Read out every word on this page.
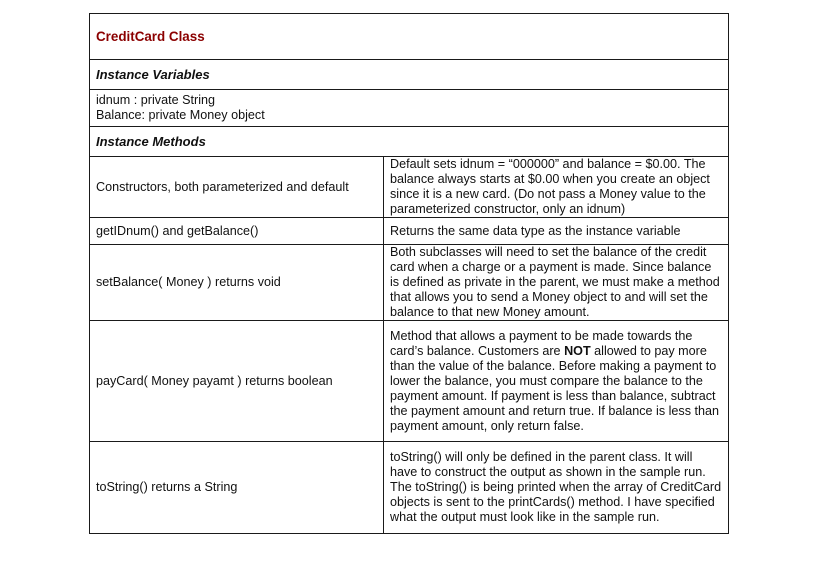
CreditCard Class	
Instance Variables	

idnum : private String
Balance: private Money object	

Instance Methods	
Constructors, both parameterized and default	Default sets idnum = “000000” and balance = $0.00. The balance always starts at $0.00 when you create an object since it is a new card. (Do not pass a Money value to the parameterized constructor, only an idnum)
getIDnum() and getBalance()	Returns the same data type as the instance variable
setBalance( Money ) returns void	Both subclasses will need to set the balance of the credit card when a charge or a payment is made. Since balance is defined as private in the parent, we must make a method that allows you to send a Money object to and will set the balance to that new Money amount.
payCard( Money payamt ) returns boolean	Method that allows a payment to be made towards the card’s balance. Customers are NOT allowed to pay more than the value of the balance. Before making a payment to lower the balance, you must compare the balance to the payment amount. If payment is less than balance, subtract the payment amount and return true. If balance is less than payment amount, only return false.
toString() returns a String	toString() will only be defined in the parent class. It will have to construct the output as shown in the sample run. The toString() is being printed when the array of CreditCard objects is sent to the printCards() method. I have specified what the output must look like in the sample run.
